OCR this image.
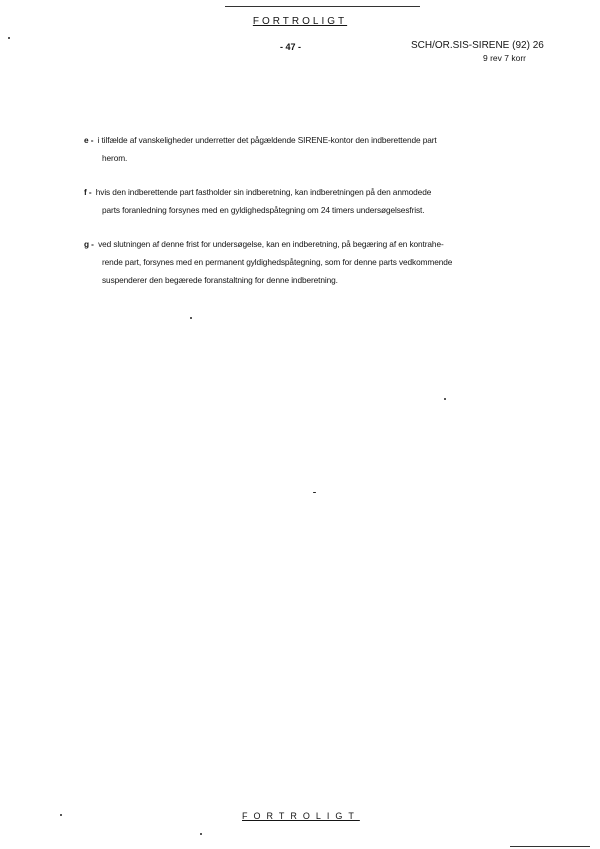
FORTROLIGT
- 47 -	SCH/OR.SIS-SIRENE (92) 26
9 rev 7 korr
e - i tilfælde af vanskeligheder underretter det pågældende SIRENE-kontor den indberettende part
herom.
f - hvis den indberettende part fastholder sin indberetning, kan indberetningen på den anmodede
parts foranledning forsynes med en gyldighedspåtegning om 24 timers undersøgelsesfrist.
g - ved slutningen af denne frist for undersøgelse, kan en indberetning, på begæring af en kontrahe-
rende part, forsynes med en permanent gyldighedspåtegning, som for denne parts vedkommende
suspenderer den begærede foranstaltning for denne indberetning.
FORTROLIGT
